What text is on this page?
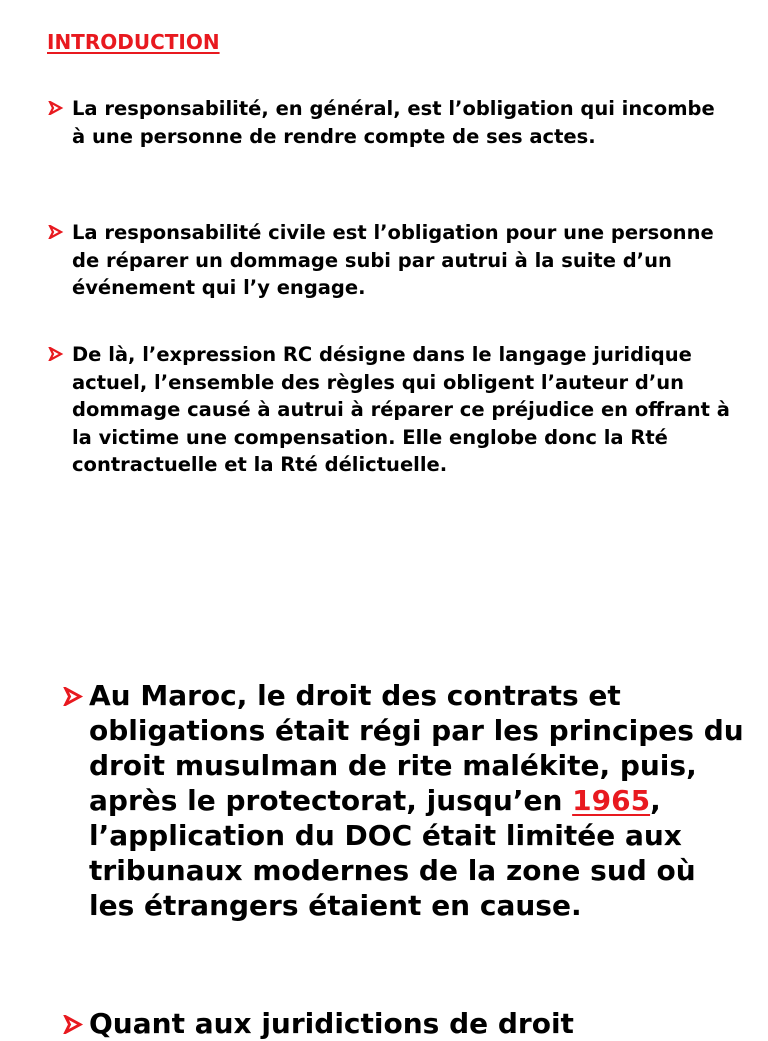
INTRODUCTION

La responsabilité, en général, est l’obligation qui incombe à une personne de rendre compte de ses actes.

La responsabilité civile est l’obligation pour une personne de réparer un dommage subi par autrui à la suite d’un événement qui l’y engage.

De là, l’expression RC désigne dans le langage juridique actuel, l’ensemble des règles qui obligent l’auteur d’un dommage causé à autrui à réparer ce préjudice en offrant à la victime une compensation. Elle englobe donc la Rté contractuelle et la Rté délictuelle.

Au Maroc, le droit des contrats et obligations était régi par les principes du droit musulman de rite malékite, puis, après le protectorat, jusqu’en 1965, l’application du DOC était limitée aux tribunaux modernes de la zone sud où les étrangers étaient en cause.

Quant aux juridictions de droit
